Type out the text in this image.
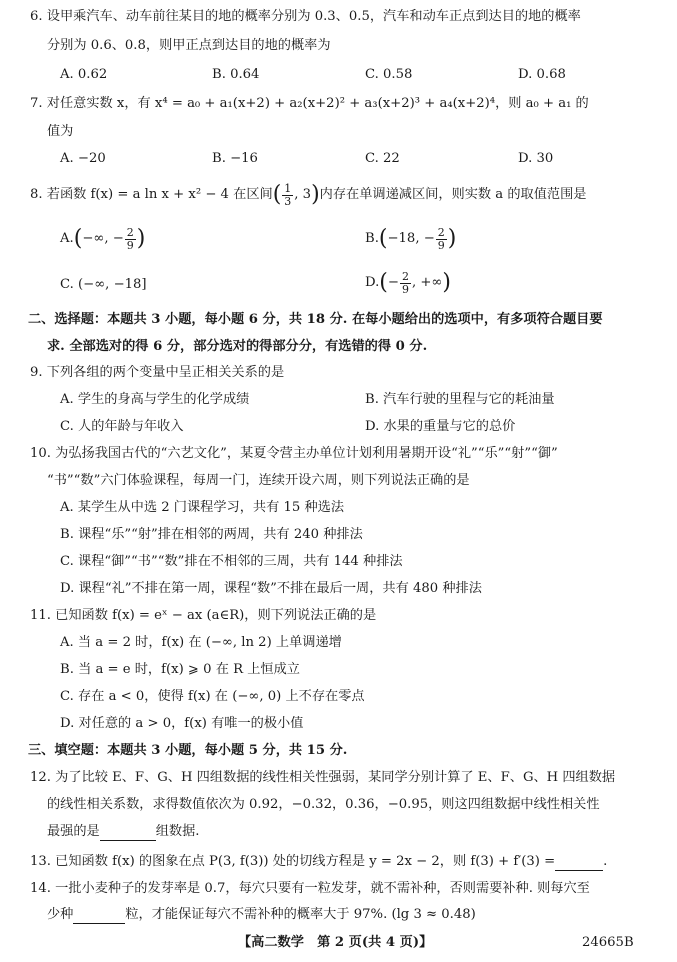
6. 设甲乘汽车、动车前往某目的地的概率分别为 0.3、0.5，汽车和动车正点到达目的地的概率
分别为 0.6、0.8，则甲正点到达目的地的概率为
A. 0.62	B. 0.64	C. 0.58	D. 0.68
7. 对任意实数 x，有 x⁴ = a₀ + a₁(x+2) + a₂(x+2)² + a₃(x+2)³ + a₄(x+2)⁴，则 a₀ + a₁ 的
值为
A. −20	B. −16	C. 22	D. 30
8. 若函数 f(x) = a ln x + x² − 4 在区间( $\frac{1}{3}$ , 3)内存在单调递减区间，则实数 a 的取值范围是
A.(−∞, − $\frac{2}{9}$ )	B.(−18, − $\frac{2}{9}$ )
C. (−∞, −18]	$D.(- \frac{2}{9}$ , +∞)
二、选择题：本题共 3 小题，每小题 6 分，共 18 分. 在每小题给出的选项中，有多项符合题目要
求. 全部选对的得 6 分，部分选对的得部分分，有选错的得 0 分.
9. 下列各组的两个变量中呈正相关关系的是
A. 学生的身高与学生的化学成绩	B. 汽车行驶的里程与它的耗油量
C. 人的年龄与年收入	D. 水果的重量与它的总价
10. 为弘扬我国古代的“六艺文化”，某夏令营主办单位计划利用暑期开设“礼”“乐”“射”“御”
“书”“数”六门体验课程，每周一门，连续开设六周，则下列说法正确的是
A. 某学生从中选 2 门课程学习，共有 15 种选法
B. 课程“乐”“射”排在相邻的两周，共有 240 种排法
C. 课程“御”“书”“数”排在不相邻的三周，共有 144 种排法
D. 课程“礼”不排在第一周，课程“数”不排在最后一周，共有 480 种排法
11. 已知函数 f(x) = eˣ − ax (a∈R)，则下列说法正确的是
A. 当 a = 2 时，f(x) 在 (−∞, ln 2) 上单调递增
B. 当 a = e 时，f(x) ⩾ 0 在 R 上恒成立
C. 存在 a < 0，使得 f(x) 在 (−∞, 0) 上不存在零点
D. 对任意的 a > 0，f(x) 有唯一的极小值
三、填空题：本题共 3 小题，每小题 5 分，共 15 分.
12. 为了比较 E、F、G、H 四组数据的线性相关性强弱，某同学分别计算了 E、F、G、H 四组数据
的线性相关系数，求得数值依次为 0.92，−0.32，0.36，−0.95，则这四组数据中线性相关性
最强的是	组数据.
13. 已知函数 f(x) 的图象在点 P(3, f(3)) 处的切线方程是 y = 2x − 2，则 f(3) + f′(3) =	.
14. 一批小麦种子的发芽率是 0.7，每穴只要有一粒发芽，就不需补种，否则需要补种. 则每穴至
少种	粒，才能保证每穴不需补种的概率大于 97%. (lg 3 ≈ 0.48)
【高二数学　第 2 页(共 4 页)】	24665B
